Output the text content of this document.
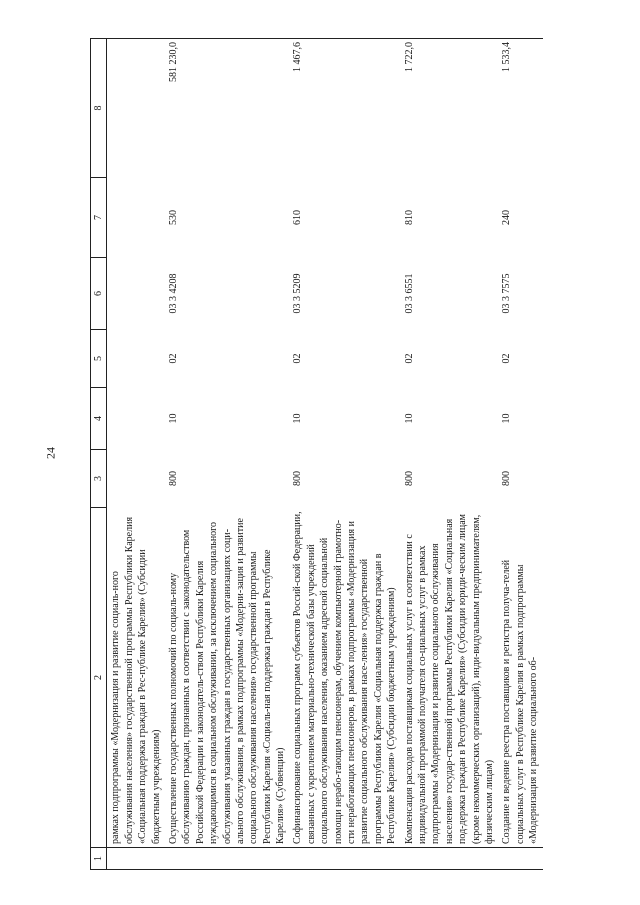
24
1	2	3	4	5	6	7	8
	рамках подпрограммы «Модернизация и развитие социаль-ного обслуживания населения» государственной программы Республики Карелия «Социальная поддержка граждан в Рес-публике Карелия» (Субсидии бюджетным учреждениям)						
	Осуществление государственных полномочий по социаль-ному обслуживанию граждан, признанных в соответствии с законодательством Российской Федерации и законодатель-ством Республики Карелия нуждающимися в социальном обслуживании, за исключением социального обслуживания указанных граждан в государственных организациях соци-ального обслуживания, в рамках подпрограммы «Модерни-зация и развитие социального обслуживания населения» государственной программы Республики Карелия «Социаль-ная поддержка граждан в Республике Карелия» (Субвенции)	800	10	02	03 3 4208	530	581 230,0
	Софинансирование социальных программ субъектов Россий-ской Федерации, связанных с укреплением материально-технической базы учреждений социального обслуживания населения, оказанием адресной социальной помощи нерабо-тающим пенсионерам, обучением компьютерной грамотно-сти неработающих пенсионеров, в рамках подпрограммы «Модернизация и развитие социального обслуживания насе-ления» государственной программы Республики Карелия «Социальная поддержка граждан в Республике Карелия» (Субсидии бюджетным учреждениям)	800	10	02	03 3 5209	610	1 467,6
	Компенсация расходов поставщикам социальных услуг в соответствии с индивидуальной программой получателя со-циальных услуг в рамках подпрограммы «Модернизация и развитие социального обслуживания населения» государ-ственной программы Республики Карелия «Социальная под-держка граждан в Республике Карелия» (Субсидии юриди-ческим лицам (кроме некоммерческих организаций), инди-видуальным предпринимателям, физическим лицам)	800	10	02	03 3 6551	810	1 722,0
	Создание и ведение реестра поставщиков и регистра получа-телей социальных услуг в Республике Карелия в рамках подпрограммы «Модернизация и развитие социального об-	800	10	02	03 3 7575	240	1 533,4
